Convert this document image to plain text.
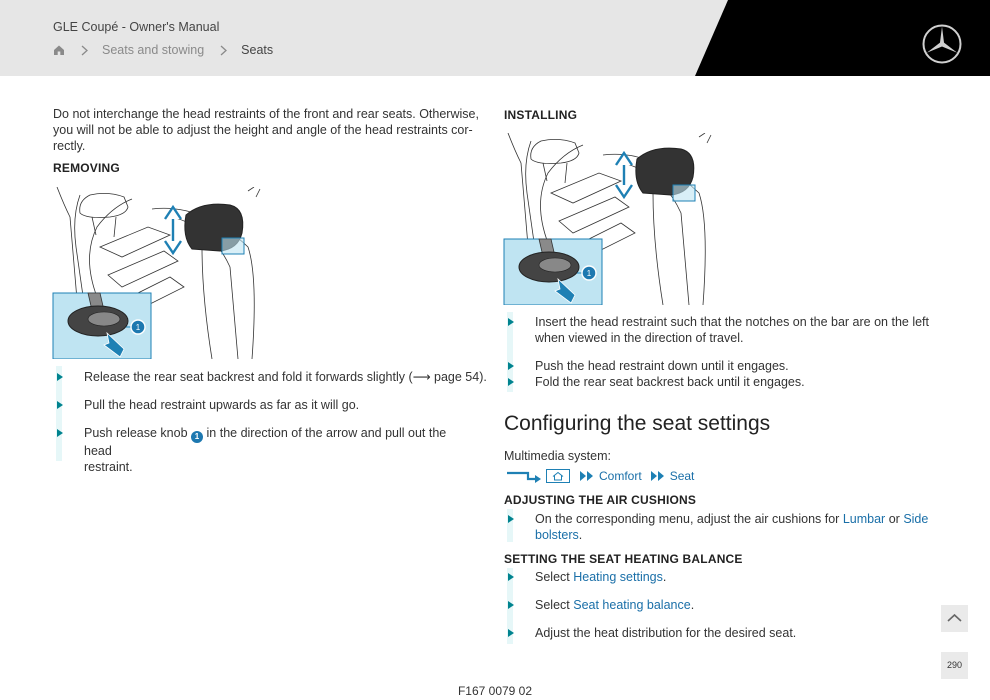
GLE Coupé - Owner's Manual
Seats and stowing	Seats
Do not interchange the head restraints of the front and rear seats. Otherwise,
you will not be able to adjust the height and angle of the head restraints cor-
rectly.
REMOVING
1
Release the rear seat backrest and fold it forwards slightly (⟶ page 54).
Pull the head restraint upwards as far as it will go.
Push release knob 1 in the direction of the arrow and pull out the head
restraint.
INSTALLING
1
Insert the head restraint such that the notches on the bar are on the left
when viewed in the direction of travel.
Push the head restraint down until it engages.
Fold the rear seat backrest back until it engages.
Configuring the seat settings
Multimedia system:
Comfort Seat
ADJUSTING THE AIR CUSHIONS
On the corresponding menu, adjust the air cushions for Lumbar or Side
bolsters.
SETTING THE SEAT HEATING BALANCE
Select Heating settings.
Select Seat heating balance.
Adjust the heat distribution for the desired seat.
290
F167 0079 02
